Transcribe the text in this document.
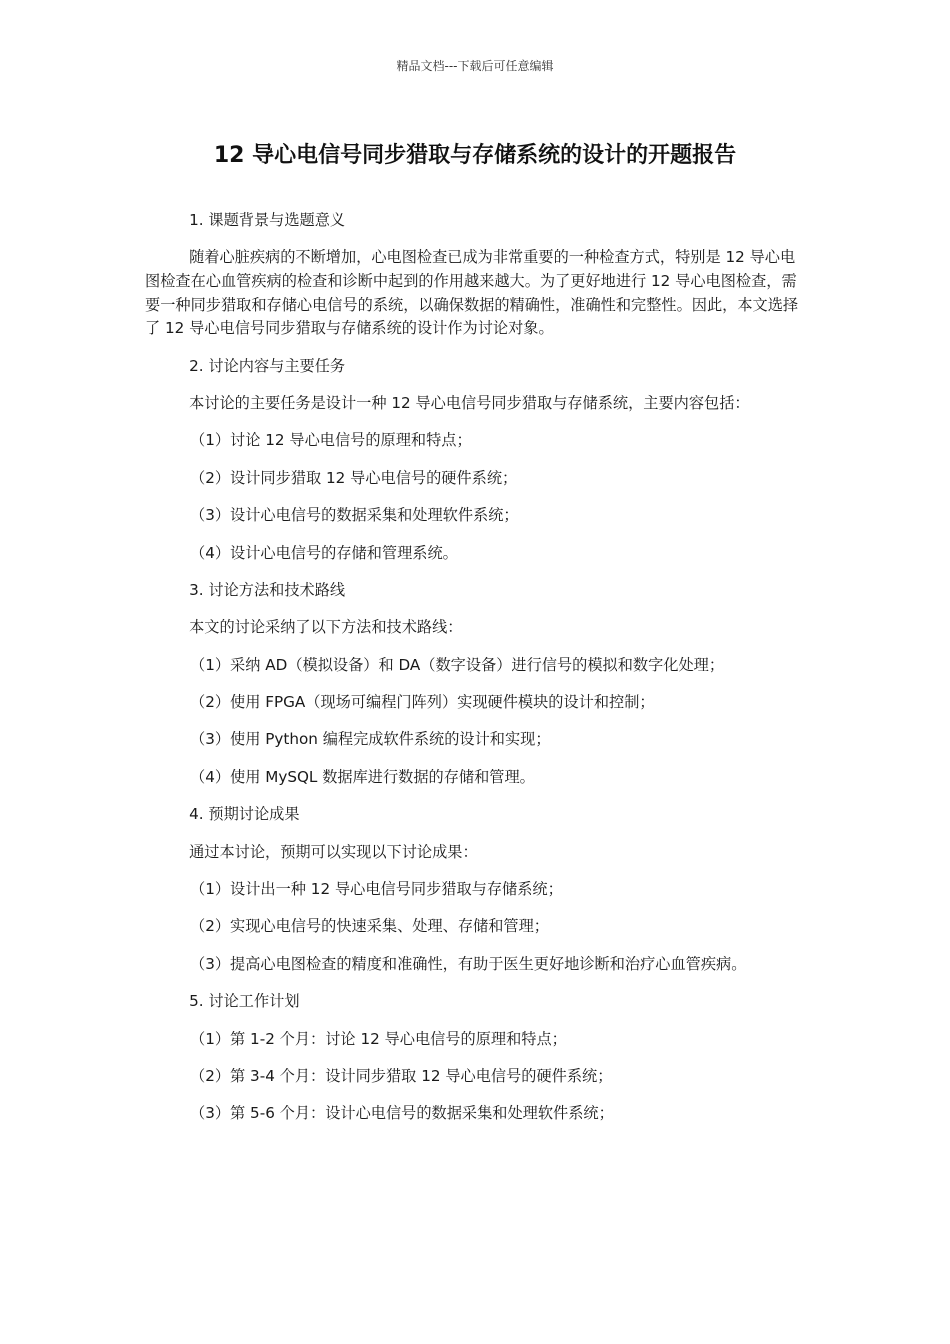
精品文档---下载后可任意编辑
12 导心电信号同步猎取与存储系统的设计的开题报告
1. 课题背景与选题意义
随着心脏疾病的不断增加，心电图检查已成为非常重要的一种检查方式，特别是 12 导心电图检查在心血管疾病的检查和诊断中起到的作用越来越大。为了更好地进行 12 导心电图检查，需要一种同步猎取和存储心电信号的系统，以确保数据的精确性，准确性和完整性。因此，本文选择了 12 导心电信号同步猎取与存储系统的设计作为讨论对象。
2. 讨论内容与主要任务
本讨论的主要任务是设计一种 12 导心电信号同步猎取与存储系统，主要内容包括：
（1）讨论 12 导心电信号的原理和特点；
（2）设计同步猎取 12 导心电信号的硬件系统；
（3）设计心电信号的数据采集和处理软件系统；
（4）设计心电信号的存储和管理系统。
3. 讨论方法和技术路线
本文的讨论采纳了以下方法和技术路线：
（1）采纳 AD（模拟设备）和 DA（数字设备）进行信号的模拟和数字化处理；
（2）使用 FPGA（现场可编程门阵列）实现硬件模块的设计和控制；
（3）使用 Python 编程完成软件系统的设计和实现；
（4）使用 MySQL 数据库进行数据的存储和管理。
4. 预期讨论成果
通过本讨论，预期可以实现以下讨论成果：
（1）设计出一种 12 导心电信号同步猎取与存储系统；
（2）实现心电信号的快速采集、处理、存储和管理；
（3）提高心电图检查的精度和准确性，有助于医生更好地诊断和治疗心血管疾病。
5. 讨论工作计划
（1）第 1-2 个月：讨论 12 导心电信号的原理和特点；
（2）第 3-4 个月：设计同步猎取 12 导心电信号的硬件系统；
（3）第 5-6 个月：设计心电信号的数据采集和处理软件系统；
